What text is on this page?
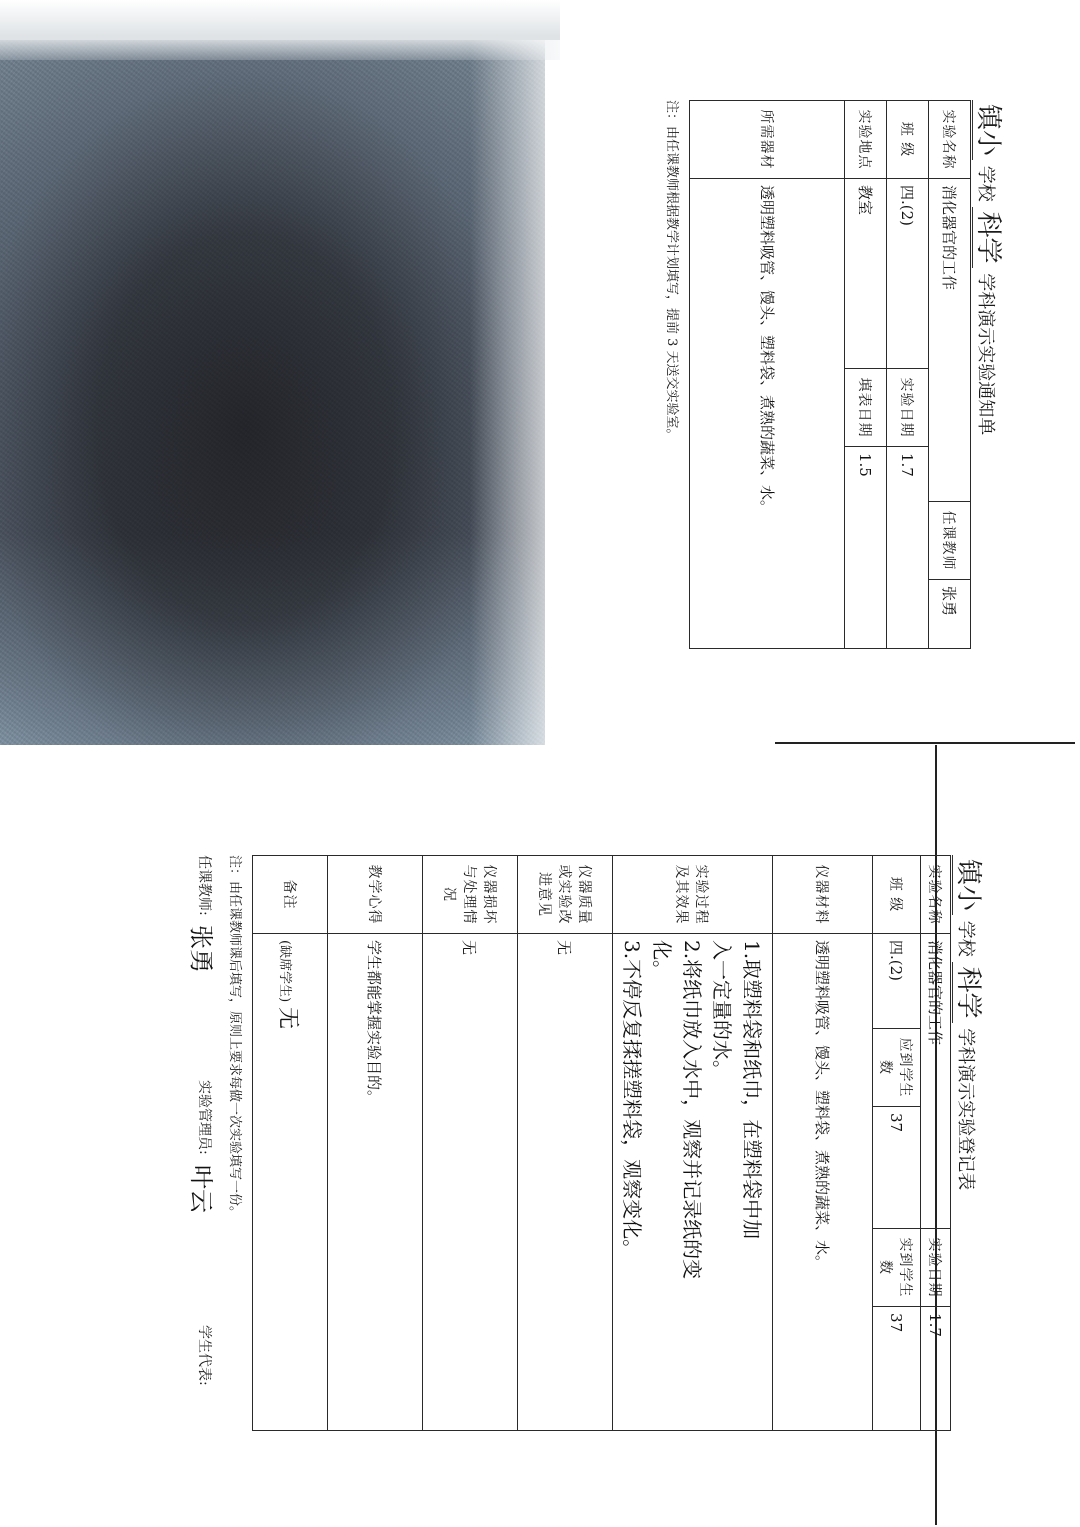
镇小 学校 科学 学科演示实验通知单
实验名称	消化器官的工作			任课教师	张勇
班 级	四.(2)	实验日期	1.7		
实验地点	教室	填表日期	1.5		
所需器材	透明塑料吸管、馒头、塑料袋、煮熟的蔬菜、水。				
注：由任课教师根据教学计划填写，提前 3 天送交实验室。
镇小 学校 科学 学科演示实验登记表
实验名称	消化器官的工作			实验日期	1.7
班 级	四.(2)	应到学生数	37	实到学生数	37
仪器材料	透明塑料吸管、馒头、塑料袋、煮熟的蔬菜、水。				
实验过程及其效果	1.取塑料袋和纸巾，在塑料袋中加
入一定量的水。
2.将纸巾放入水中，观察并记录纸的变
化。
3.不停反复揉搓塑料袋，观察变化。				

仪器质量或实验改进意见	无				
仪器损坏与处理情况	无				
教学心得	学生都能掌握实验目的。				
备注	(缺席学生) 无				
注：由任课教师课后填写，原则上要求每做一次实验填写一份。
任课教师:
张勇
实验管理员:
叶云
学生代表:
